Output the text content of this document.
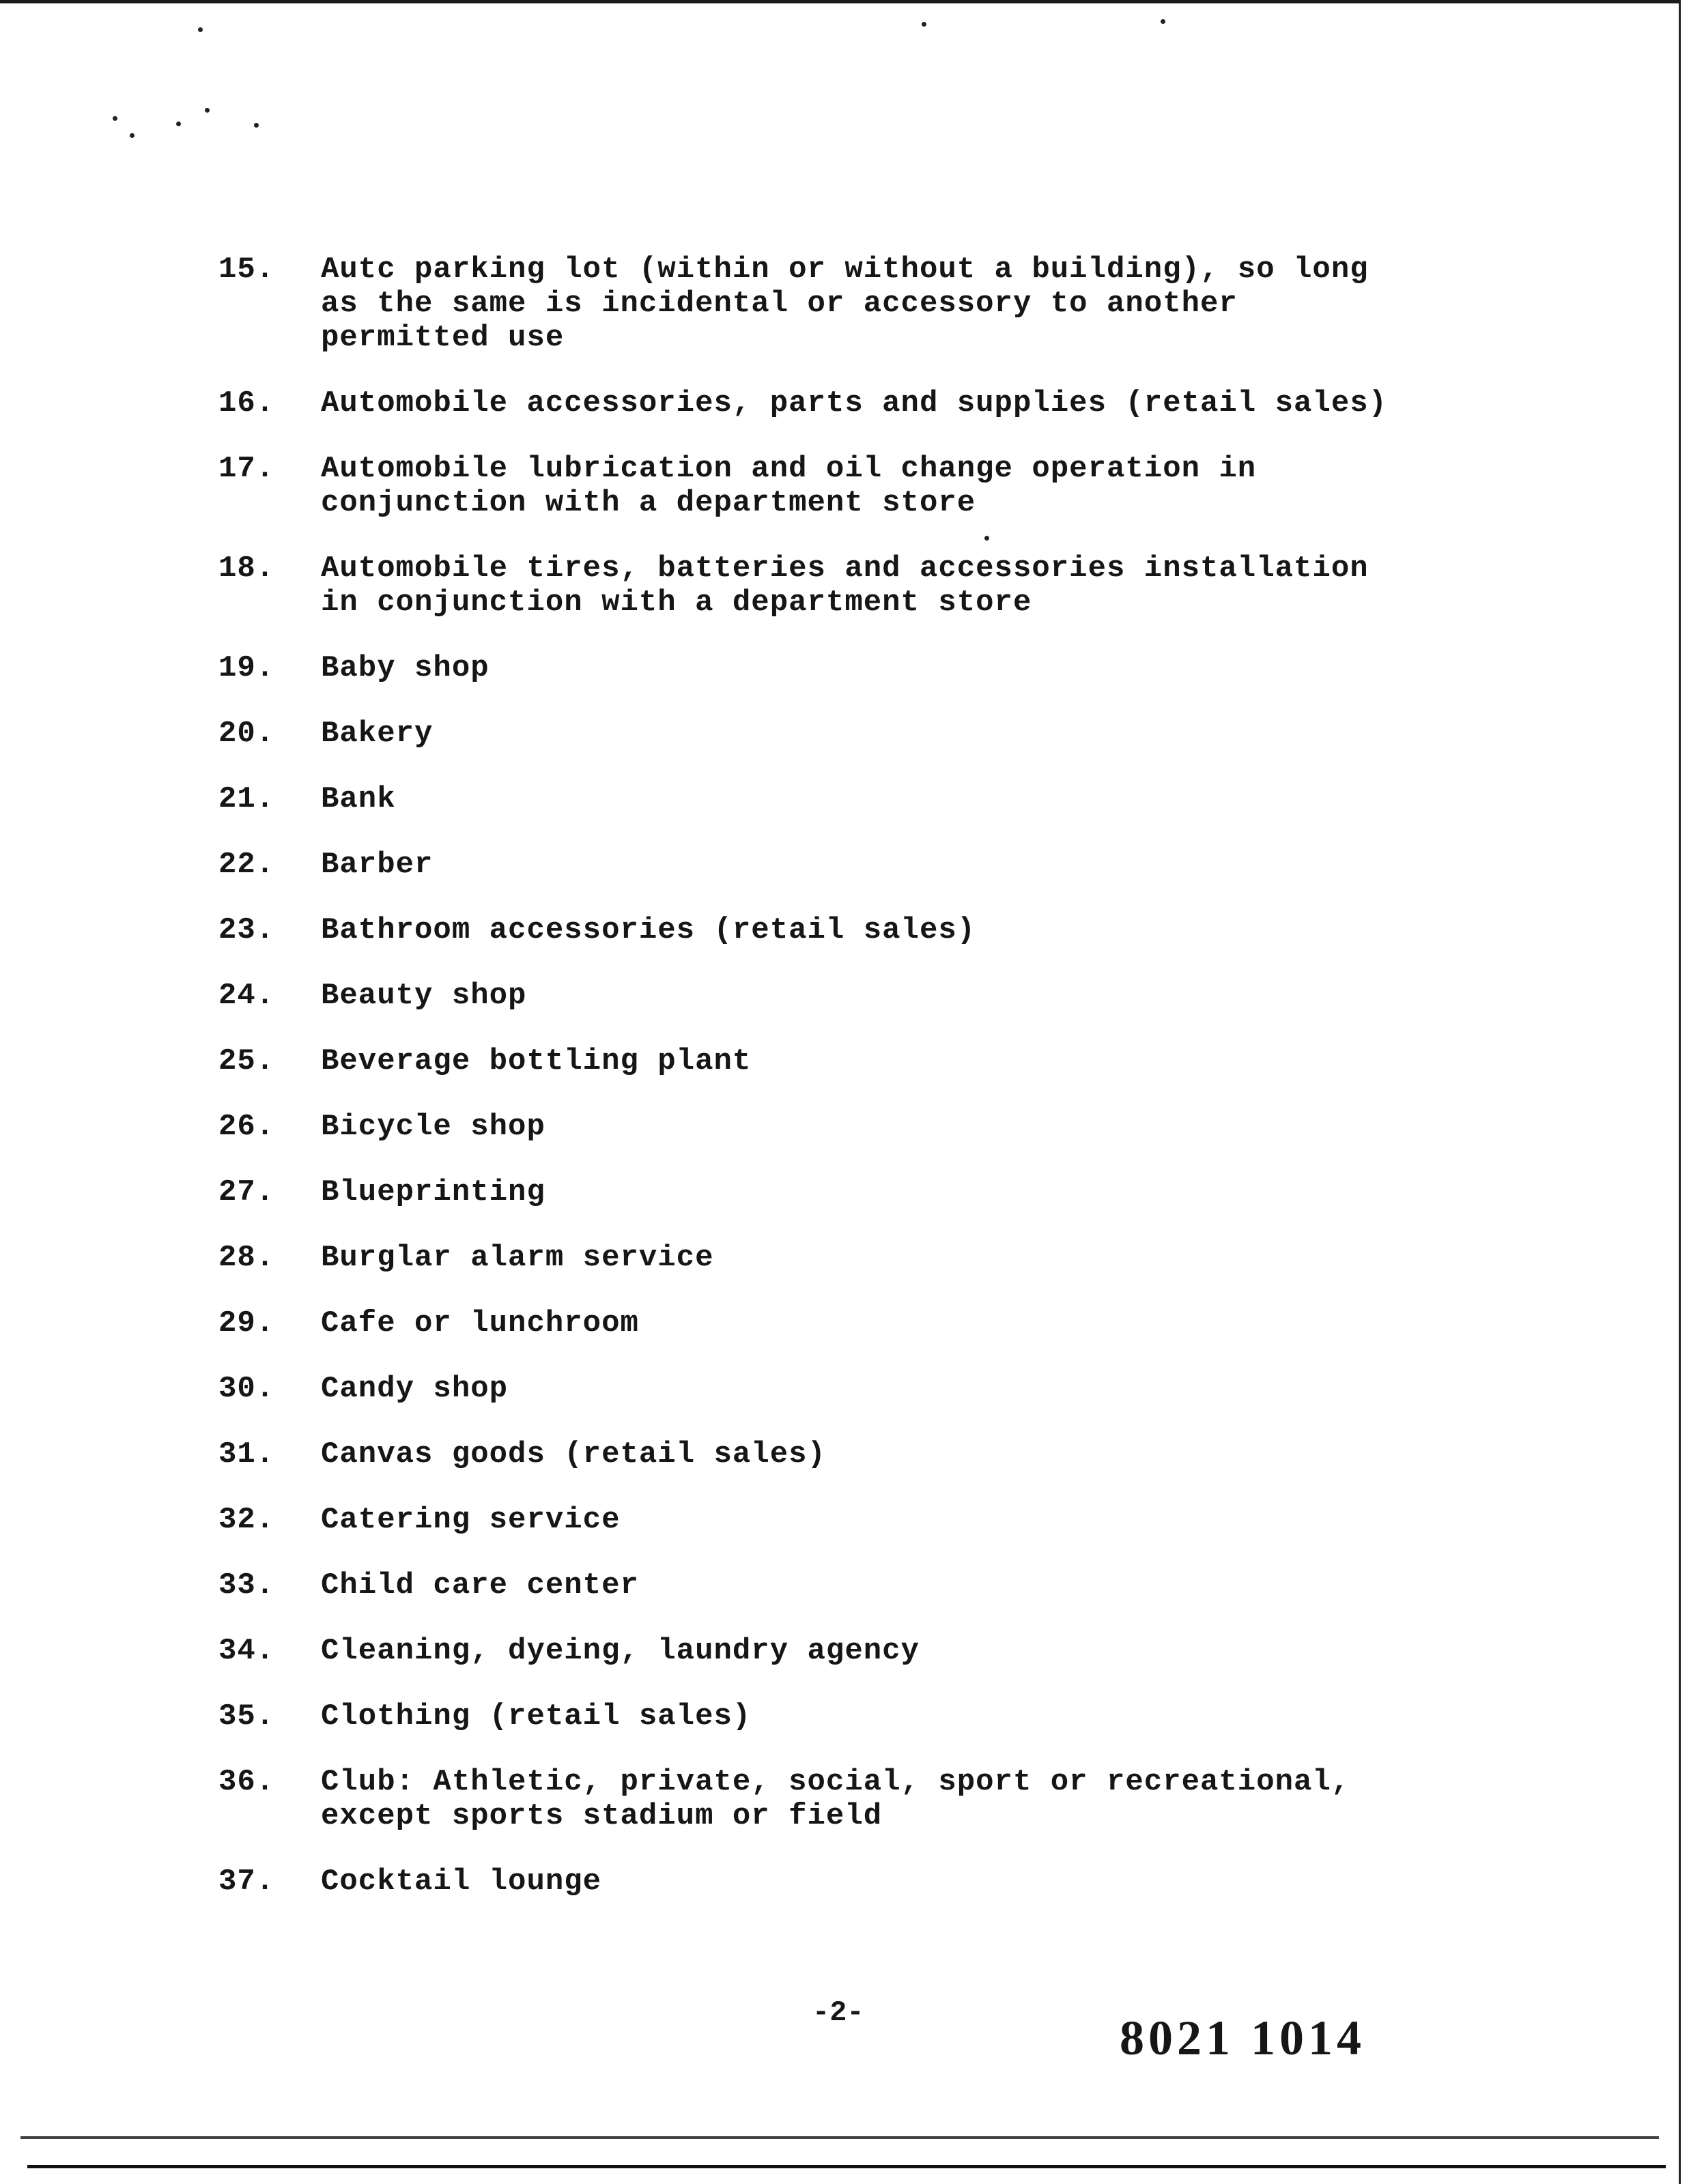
15.	Autc parking lot (within or without a building), so long
as the same is incidental or accessory to another
permitted use
16.	Automobile accessories, parts and supplies (retail sales)
17.	Automobile lubrication and oil change operation in
conjunction with a department store
18.	Automobile tires, batteries and accessories installation
in conjunction with a department store
19.	Baby shop
20.	Bakery
21.	Bank
22.	Barber
23.	Bathroom accessories (retail sales)
24.	Beauty shop
25.	Beverage bottling plant
26.	Bicycle shop
27.	Blueprinting
28.	Burglar alarm service
29.	Cafe or lunchroom
30.	Candy shop
31.	Canvas goods (retail sales)
32.	Catering service
33.	Child care center
34.	Cleaning, dyeing, laundry agency
35.	Clothing (retail sales)
36.	Club: Athletic, private, social, sport or recreational,
except sports stadium or field
37.	Cocktail lounge
-2-	8021 1014
